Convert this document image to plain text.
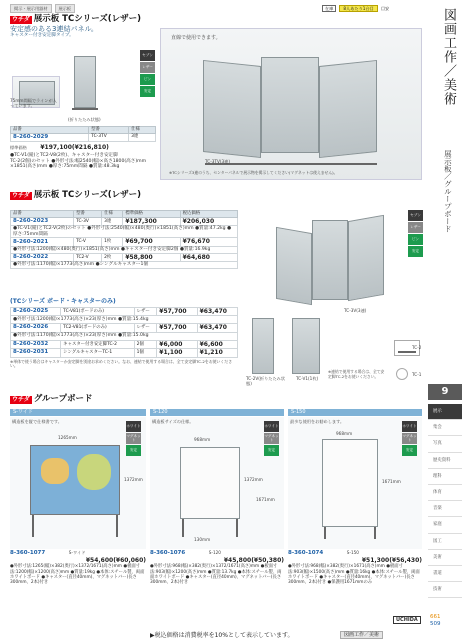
掲示・展示用器材	展示板	在庫	8人あたり1台目	目安
ウチダ 展示板 TCシリーズ(レザー)
安定感のある3連結パネル。
キャスター付き安定脚タイプ。
75mm間隔でラインが入っています。
(折りたたみ状態)
セブン
レザー
ピン
安定
直線で使用できます。
TC-3TV(3連)
※TCシリーズ3連のうち、センターパネルで展示物を掲示してください(マグネットは使えません)。
品番	型番	仕様
8-260-2029	TC-3TV	3連
標準価格 ¥197,100(¥216,810)
●TC-V1(縦)とTC2-V8(2枚)、キャスター付き安定脚
TC-2(2個)のセット ●外形寸法:幅2540(幅)×高さ1800(高さ)mm
×1851(高さ)mm ●厚さ:75mm間隔 ●質量:48.3kg
ウチダ 展示板 TCシリーズ(レザー)
品番	型番	仕様	標準価格	税込価格
8-260-2023	TC-3V	3連	¥187,300	¥206,030
●TC-V1(縦)とTC2-V(2枚)のセット ●外形寸法:2540(幅)×480(奥行)×1851(高さ)mm ●質量:47.2kg ●厚さ:75mm間隔				
8-260-2021	TC-V	1枚	¥69,700	¥76,670
●外形寸法:1200(幅)×480(奥行)×1851(高さ)mm ●キャスター付き安定脚2個 ●質量:16.9kg				
8-260-2022	TC2-V	2枚	¥58,800	¥64,680
●外形寸法:1170(幅)×1773(高さ)mm ●シングルキャスター1個				
(TCシリーズ ボード・キャスターのみ)
8-260-2025	TC-V81(ボードのみ)	レザー	¥57,700	¥63,470
●外形寸法:1200(幅)×1773(高さ)×23(厚さ)mm ●質量:15.4kg				
8-260-2026	TC2-V81(ボードのみ)	レザー	¥57,700	¥63,470
●外形寸法:1170(幅)×1773(高さ)×23(厚さ)mm ●質量:15.0kg				
8-260-2032	キャスター付き安定脚TC-2	2個	¥6,000	¥6,600
8-260-2031	シングルキャスターTC-1	1個	¥1,100	¥1,210
※単体で使う場合はキャスターか安定脚を別途お求めください。なお、連結で使用する場合は、全て安定脚TC-2をお使いください。
セブン
レザー
ピン
安定
TC-3V(3連)
TC-2V(折りたたみ状態)
TC-V1(1枚)
※連結で使用する場合は、全て安定脚TC-2をお使いください。
TC-2
TC-1
ウチダ グループボード
S-ワイド
構造板を縦で仕様書です。
1265mm
1372mm
ホワイト
マグネット
安定
8-360-1077	S-ワイド
¥54,600(¥60,060)
●外形寸法:1265(幅)×382(奥行)×1372/1671(高さ)mm ●板面寸法:1200(幅)×1200(高さ)mm ●質量:19kg ●本体:スチール製、両面ホワイトボード ●キャスター(直径40mm)、マグネットバー(長さ300mm、2本)付き
S-120
構造板サイズの仕様。
968mm
1372mm
1671mm
130mm
ホワイト
マグネット
安定
8-360-1076	S-120
¥45,800(¥50,380)
●外形寸法:968(幅)×382(奥行)×1372/1671(高さ)mm ●板面寸法:903(幅)×1200(高さ)mm ●質量:13.7kg ●本体:スチール製、両面ホワイトボード ●キャスター(直径40mm)、マグネットバー(長さ300mm、2本)付き
S-150
最多な使用をお勧めします。
968mm
1671mm
ホワイト
マグネット
安定
8-360-1074	S-150
¥51,300(¥56,430)
●外形寸法:968(幅)×382(奥行)×1671(高さ)mm ●板面寸法:903(幅)×1500(高さ)mm ●質量:16kg ●本体:スチール製、両面ホワイトボード ●キャスター(直径40mm)、マグネットバー(長さ300mm、2本)付き ●保護用1671mmのみ
図画工作／美術
展示板／グループボード
9
展示
集会
写真
歴史資料
理科
体育
音楽
家庭
図工
美術
書道
技術
661
509
UCHIDA
▶税込価格は消費税率を10%として表示しています。	図画工作／美術
